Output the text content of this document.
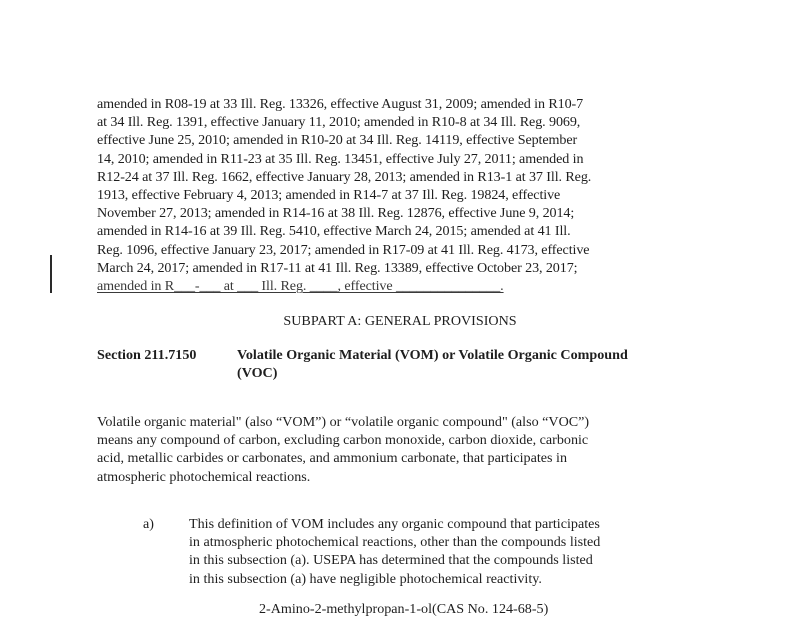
amended in R08-19 at 33 Ill. Reg. 13326, effective August 31, 2009; amended in R10-7
at 34 Ill. Reg. 1391, effective January 11, 2010; amended in R10-8 at 34 Ill. Reg. 9069,
effective June 25, 2010; amended in R10-20 at 34 Ill. Reg. 14119, effective September
14, 2010; amended in R11-23 at 35 Ill. Reg. 13451, effective July 27, 2011; amended in
R12-24 at 37 Ill. Reg. 1662, effective January 28, 2013; amended in R13-1 at 37 Ill. Reg.
1913, effective February 4, 2013; amended in R14-7 at 37 Ill. Reg. 19824, effective
November 27, 2013; amended in R14-16 at 38 Ill. Reg. 12876, effective June 9, 2014;
amended in R14-16 at 39 Ill. Reg. 5410, effective March 24, 2015; amended at 41 Ill.
Reg. 1096, effective January 23, 2017; amended in R17-09 at 41 Ill. Reg. 4173, effective
March 24, 2017; amended in R17-11 at 41 Ill. Reg. 13389, effective October 23, 2017;
amended in R___-___ at ___ Ill. Reg. ____, effective _______________.
SUBPART A: GENERAL PROVISIONS
Section 211.7150	Volatile Organic Material (VOM) or Volatile Organic Compound
(VOC)
Volatile organic material" (also “VOM”) or “volatile organic compound" (also “VOC”)
means any compound of carbon, excluding carbon monoxide, carbon dioxide, carbonic
acid, metallic carbides or carbonates, and ammonium carbonate, that participates in
atmospheric photochemical reactions.
a) This definition of VOM includes any organic compound that participates
in atmospheric photochemical reactions, other than the compounds listed
in this subsection (a). USEPA has determined that the compounds listed
in this subsection (a) have negligible photochemical reactivity.
2-Amino-2-methylpropan-1-ol(CAS No. 124-68-5)
